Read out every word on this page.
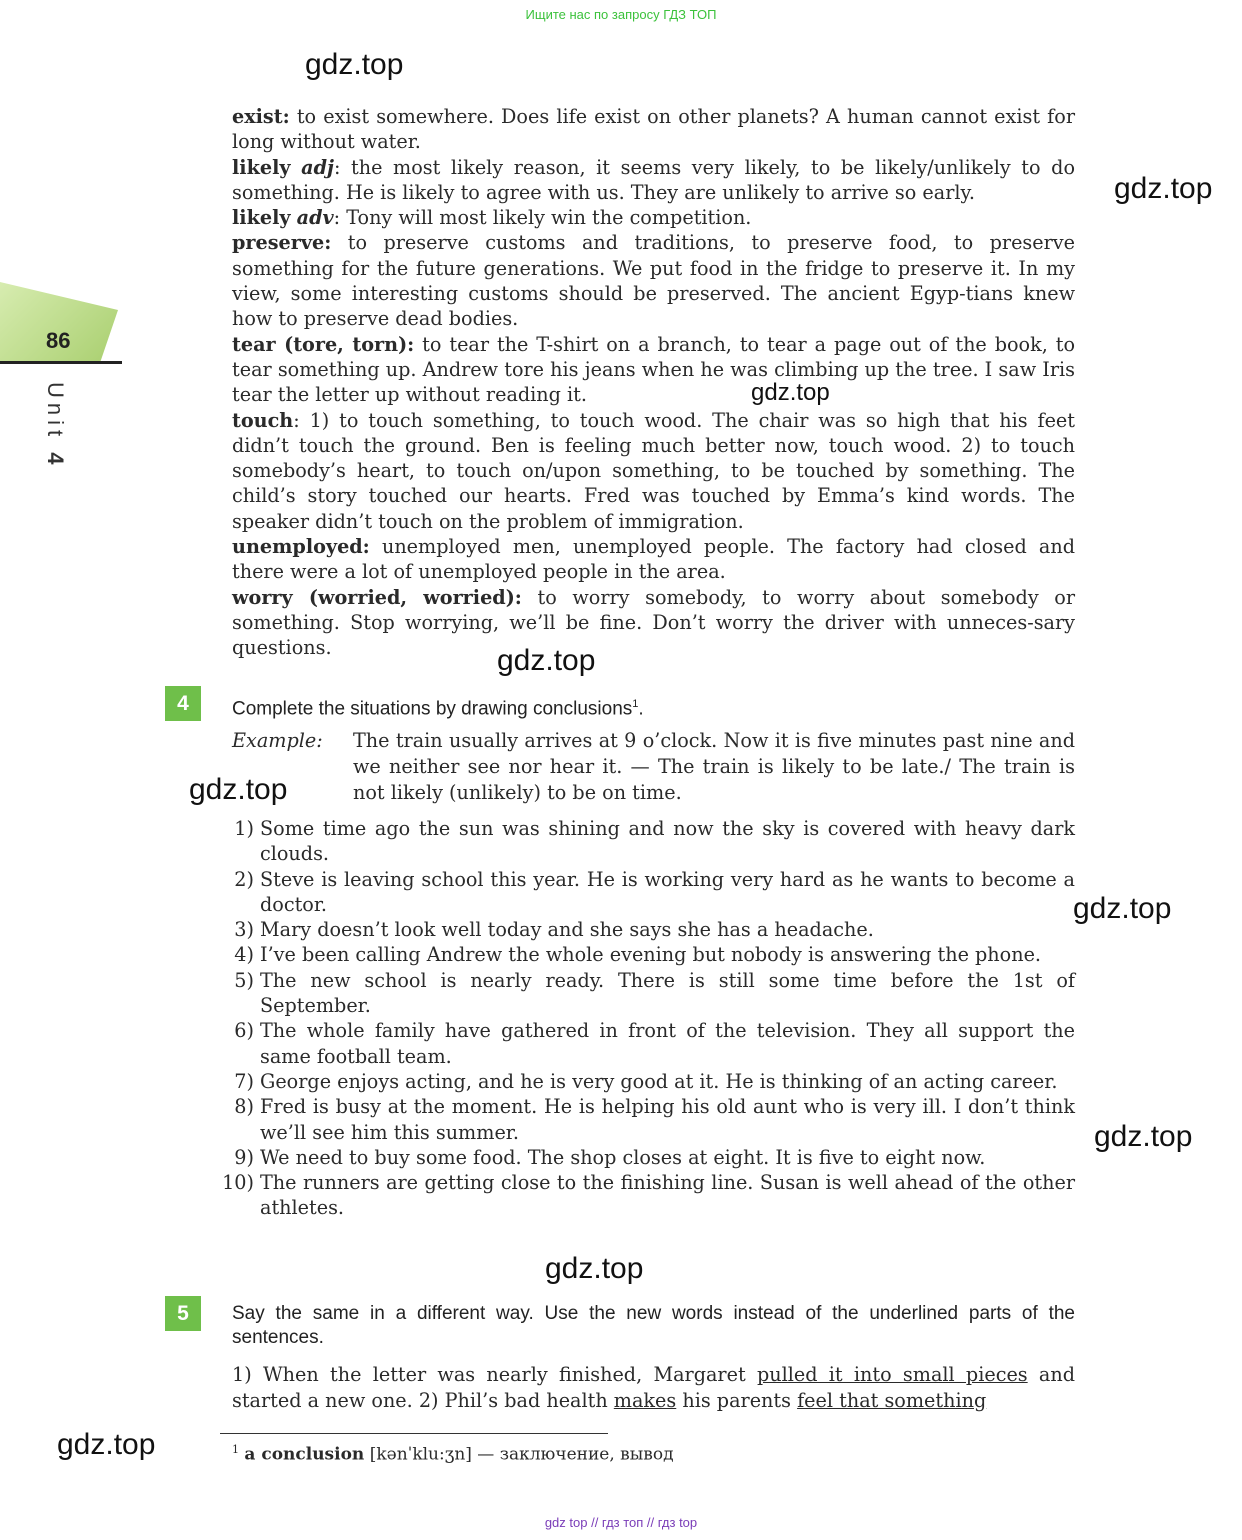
Ищите нас по запросу ГДЗ ТОП
gdz.top
gdz.top
gdz.top
gdz.top
gdz.top
gdz.top
gdz.top
gdz.top
gdz.top
86
Unit 4

exist: to exist somewhere. Does life exist on other planets? A human cannot exist for long without water.

likely adj: the most likely reason, it seems very likely, to be likely/unlikely to do something. He is likely to agree with us. They are unlikely to arrive so early.

likely adv: Tony will most likely win the competition.

preserve: to preserve customs and traditions, to preserve food, to preserve something for the future generations. We put food in the fridge to preserve it. In my view, some interesting customs should be preserved. The ancient Egyp-tians knew how to preserve dead bodies.

tear (tore, torn): to tear the T-shirt on a branch, to tear a page out of the book, to tear something up. Andrew tore his jeans when he was climbing up the tree. I saw Iris tear the letter up without reading it.

touch: 1) to touch something, to touch wood. The chair was so high that his feet didn’t touch the ground. Ben is feeling much better now, touch wood. 2) to touch somebody’s heart, to touch on/upon something, to be touched by something. The child’s story touched our hearts. Fred was touched by Emma’s kind words. The speaker didn’t touch on the problem of immigration.

unemployed: unemployed men, unemployed people. The factory had closed and there were a lot of unemployed people in the area.

worry (worried, worried): to worry somebody, to worry about somebody or something. Stop worrying, we’ll be fine. Don’t worry the driver with unneces-sary questions.

4	Complete the situations by drawing conclusions$^1$.
Example: The train usually arrives at 9 o’clock. Now it is five minutes past nine and we neither see nor hear it. — The train is likely to be late./ The train is not likely (unlikely) to be on time.
1) Some time ago the sun was shining and now the sky is covered with heavy dark clouds.
2) Steve is leaving school this year. He is working very hard as he wants to become a doctor.
3) Mary doesn’t look well today and she says she has a headache.
4) I’ve been calling Andrew the whole evening but nobody is answering the phone.
5) The new school is nearly ready. There is still some time before the 1st of September.
6) The whole family have gathered in front of the television. They all support the same football team.
7) George enjoys acting, and he is very good at it. He is thinking of an acting career.
8) Fred is busy at the moment. He is helping his old aunt who is very ill. I don’t think we’ll see him this summer.
9) We need to buy some food. The shop closes at eight. It is five to eight now.
10) The runners are getting close to the finishing line. Susan is well ahead of the other athletes.
5	Say the same in a different way. Use the new words instead of the underlined parts of the sentences.
1) When the letter was nearly finished, Margaret pulled it into small pieces and started a new one. 2) Phil’s bad health makes his parents feel that something
$^1$ a conclusion [kənˈklu:ʒn] — заключение, вывод
gdz top // гдз топ // гдз top
